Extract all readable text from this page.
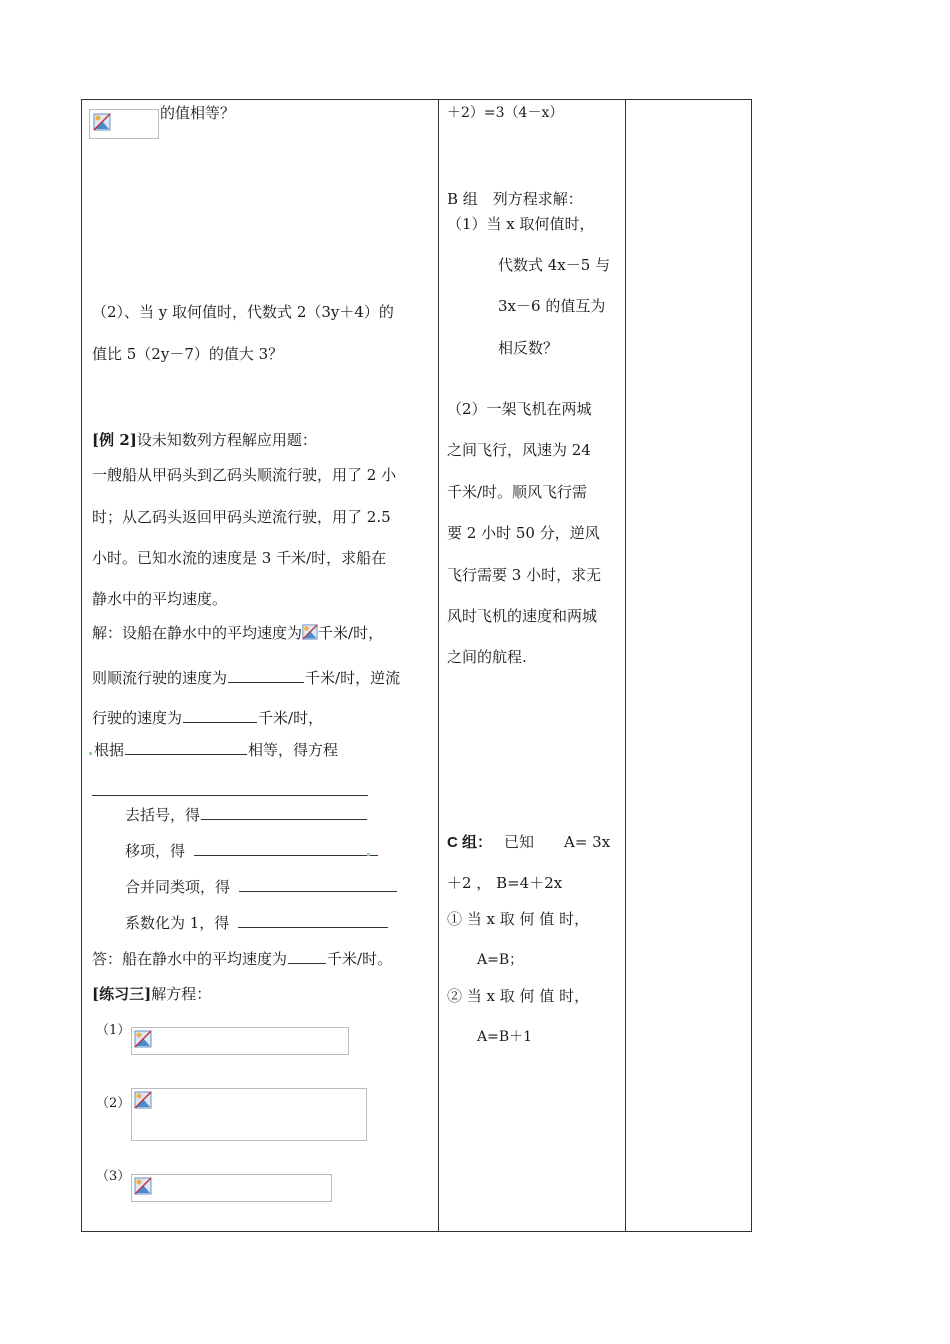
的值相等？
（2）、当 y 取何值时，代数式 2（3y＋4）的
值比 5（2y－7）的值大 3？
[例 2]设未知数列方程解应用题：
一艘船从甲码头到乙码头顺流行驶，用了 2 小
时；从乙码头返回甲码头逆流行驶，用了 2.5
小时。已知水流的速度是 3 千米/时，求船在
静水中的平均速度。
解：设船在静水中的平均速度为 千米/时，
则顺流行驶的速度为	千米/时，逆流
行驶的速度为	千米/时，
根据	相等，得方程
去括号，得
移项，得
合并同类项，得
系数化为 1，得
答：船在静水中的平均速度为	千米/时。
[练习三]解方程：
（1）
（2）
（3）
＋2）=3（4－x）
B 组　列方程求解：
（1）当 x 取何值时，
代数式 4x－5 与
3x－6 的值互为
相反数？
（2）一架飞机在两城
之间飞行，风速为 24
千米/时。顺风飞行需
要 2 小时 50 分，逆风
飞行需要 3 小时，求无
风时飞机的速度和两城
之间的航程.
C 组： 已知　　A= 3x
＋2 ， B=4＋2x
① 当 x 取 何 值 时，
A=B；
② 当 x 取 何 值 时，
A=B＋1
